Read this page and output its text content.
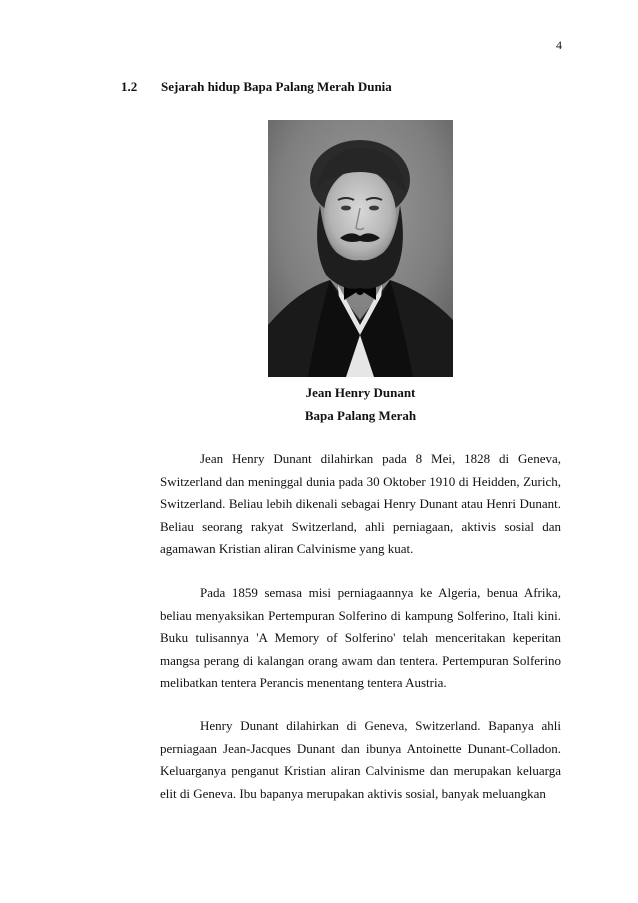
4
1.2	Sejarah hidup Bapa Palang Merah Dunia
Jean Henry Dunant
Bapa Palang Merah

Jean Henry Dunant dilahirkan pada 8 Mei, 1828 di Geneva, Switzerland dan meninggal dunia pada 30 Oktober 1910 di Heidden, Zurich, Switzerland. Beliau lebih dikenali sebagai Henry Dunant atau Henri Dunant. Beliau seorang rakyat Switzerland, ahli perniagaan, aktivis sosial dan agamawan Kristian aliran Calvinisme yang kuat.

Pada 1859 semasa misi perniagaannya ke Algeria, benua Afrika, beliau menyaksikan Pertempuran Solferino di kampung Solferino, Itali kini. Buku tulisannya 'A Memory of Solferino' telah menceritakan keperitan mangsa perang di kalangan orang awam dan tentera. Pertempuran Solferino melibatkan tentera Perancis menentang tentera Austria.

Henry Dunant dilahirkan di Geneva, Switzerland. Bapanya ahli perniagaan Jean-Jacques Dunant dan ibunya Antoinette Dunant-Colladon. Keluarganya penganut Kristian aliran Calvinisme dan merupakan keluarga elit di Geneva. Ibu bapanya merupakan aktivis sosial, banyak meluangkan
